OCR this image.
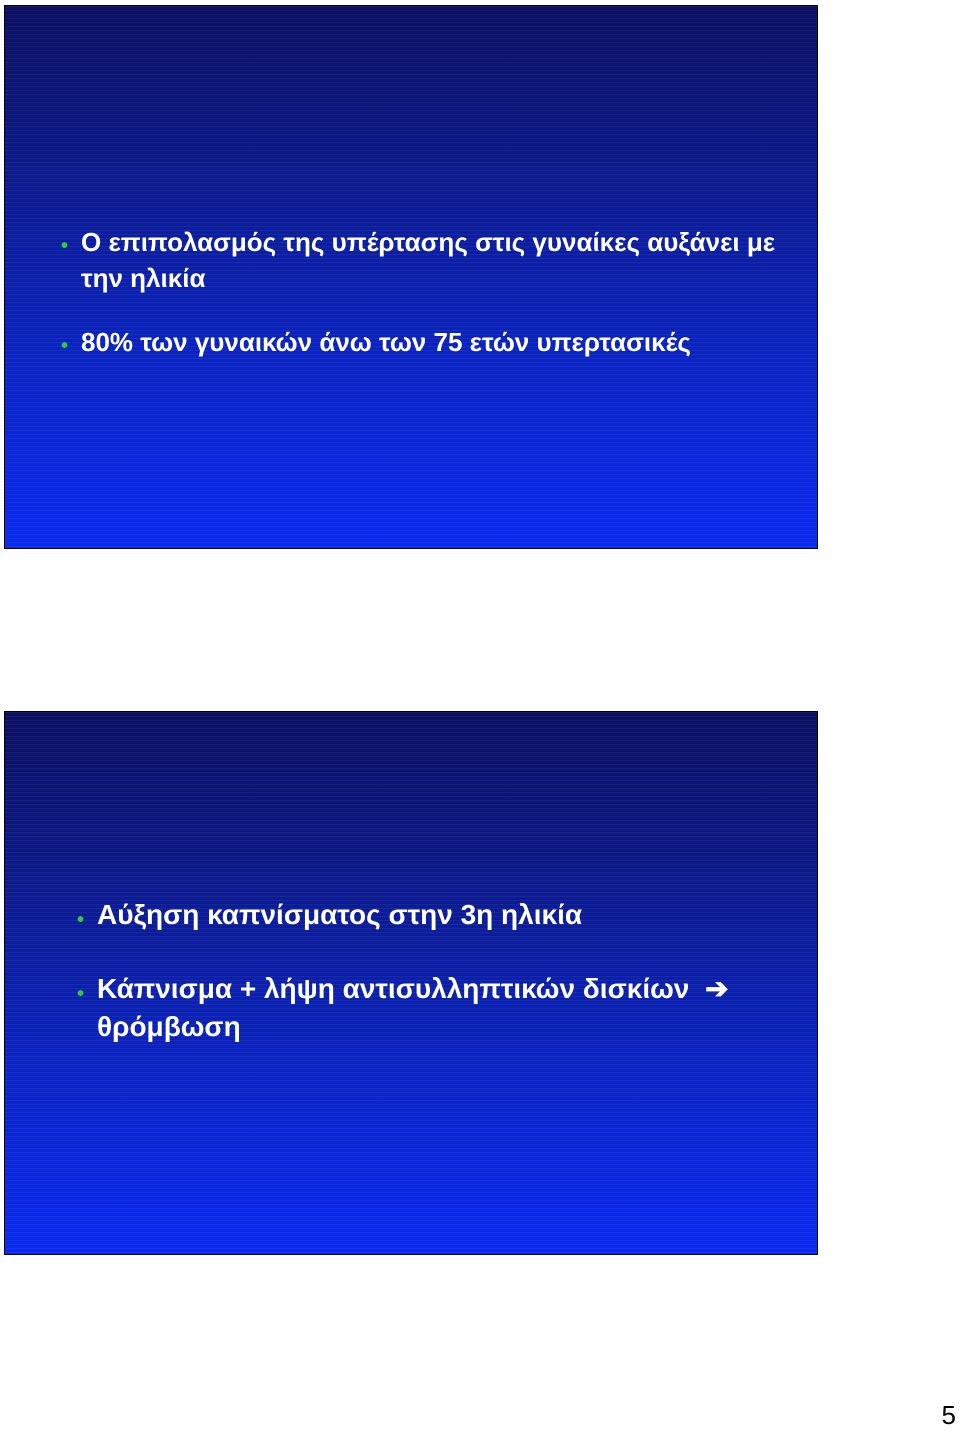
• Ο επιπολασμός της υπέρτασης στις γυναίκες αυξάνει με την ηλικία
• 80% των γυναικών άνω των 75 ετών υπερτασικές
• Αύξηση καπνίσματος στην 3η ηλικία
• Κάπνισμα + λήψη αντισυλληπτικών δισκίων ➔
θρόμβωση
5
